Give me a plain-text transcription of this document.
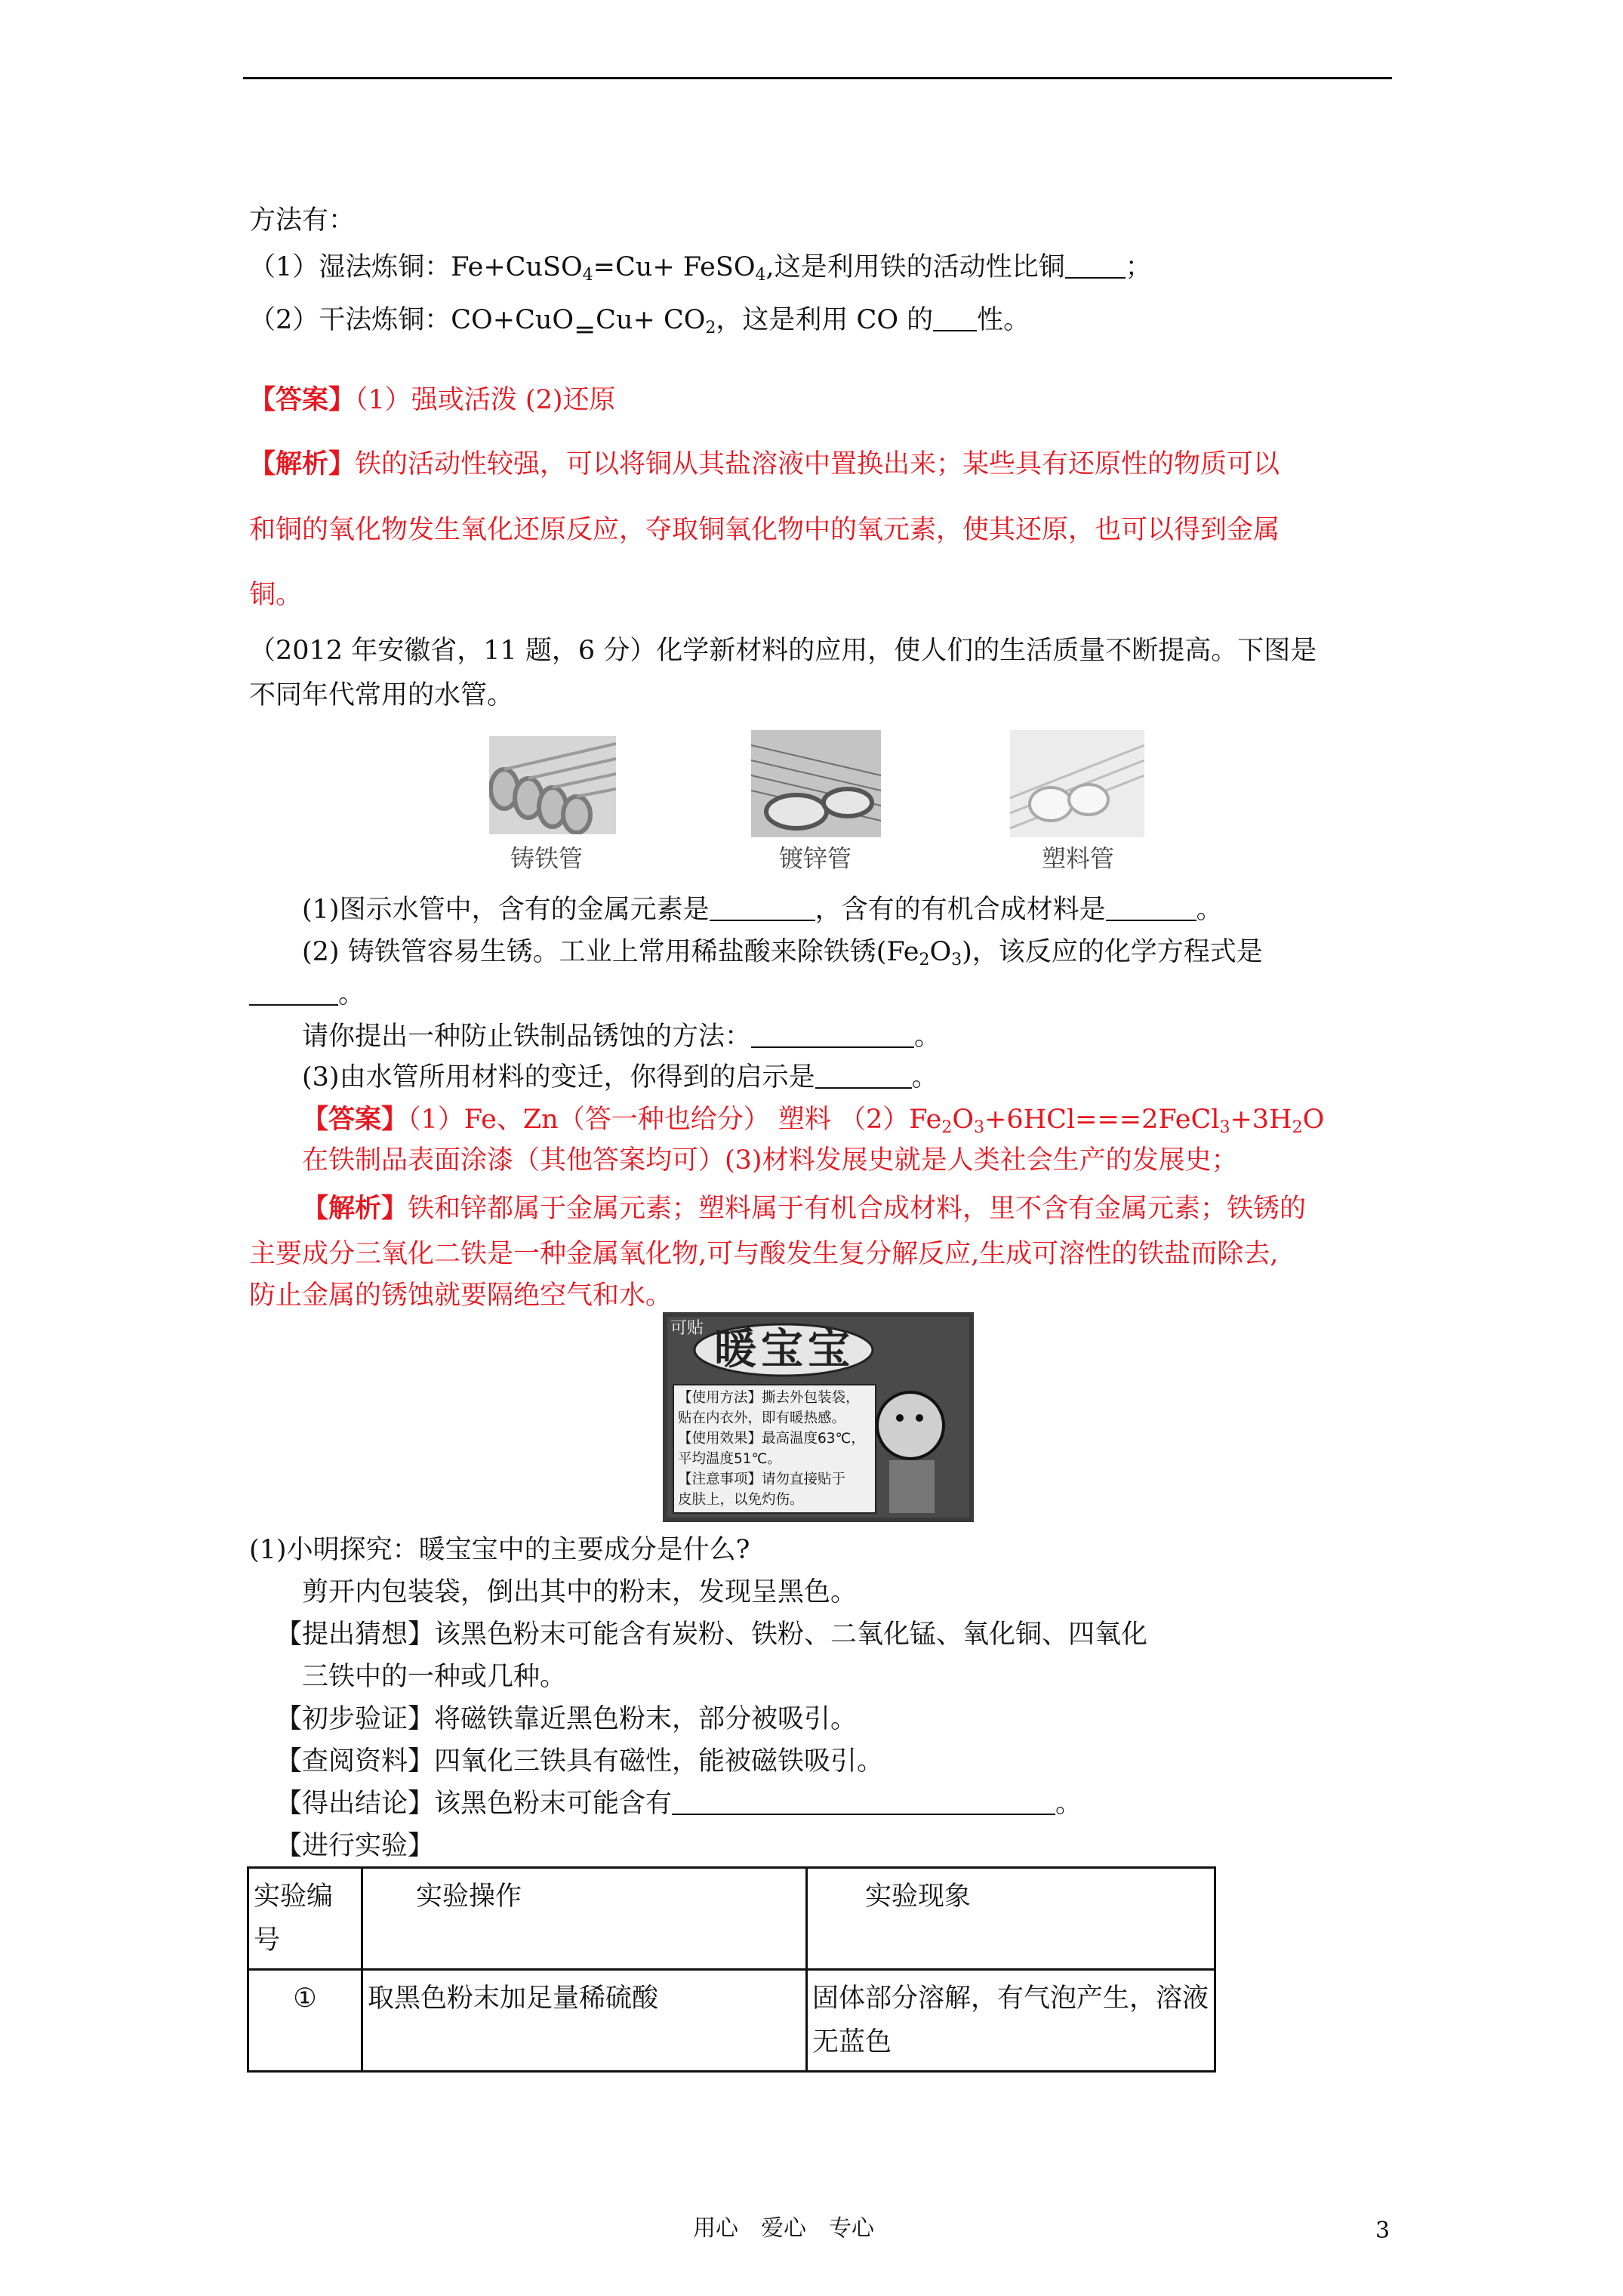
方法有：
（1）湿法炼铜：Fe+CuSO$_4$=Cu+ FeSO$_4$,这是利用铁的活动性比铜 ；
（2）干法炼铜：CO+CuO ═ $Cu+ CO_2$，这是利用 CO 的 性。
【答案】（1）强或活泼 (2)还原
【解析】铁的活动性较强，可以将铜从其盐溶液中置换出来；某些具有还原性的物质可以
和铜的氧化物发生氧化还原反应，夺取铜氧化物中的氧元素，使其还原，也可以得到金属
铜。
（2012 年安徽省，11 题，6 分）化学新材料的应用，使人们的生活质量不断提高。下图是
不同年代常用的水管。
铸铁管	镀锌管	塑料管
(1)图示水管中，含有的金属元素是	，含有的有机合成材料是	。
(2) 铸铁管容易生锈。工业上常用稀盐酸来除铁锈$(Fe_2O_3)$，该反应的化学方程式是
。
请你提出一种防止铁制品锈蚀的方法：	。
(3)由水管所用材料的变迁，你得到的启示是	。
【答案】（1）Fe、Zn（答一种也给分） 塑料 $(2)Fe_2O_3+6HCl===2FeCl_3+3H_2O$
在铁制品表面涂漆（其他答案均可）(3)材料发展史就是人类社会生产的发展史；
【解析】铁和锌都属于金属元素；塑料属于有机合成材料，里不含有金属元素；铁锈的
主要成分三氧化二铁是一种金属氧化物,可与酸发生复分解反应,生成可溶性的铁盐而除去,
防止金属的锈蚀就要隔绝空气和水。
可贴 暖宝宝
【使用方法】撕去外包装袋，
贴在内衣外，即有暖热感。
【使用效果】最高温度63℃，
平均温度51℃。
【注意事项】请勿直接贴于
皮肤上，以免灼伤。
(1)小明探究：暖宝宝中的主要成分是什么?
剪开内包装袋，倒出其中的粉末，发现呈黑色。
【提出猜想】该黑色粉末可能含有炭粉、铁粉、二氧化锰、氧化铜、四氧化
三铁中的一种或几种。
【初步验证】将磁铁靠近黑色粉末，部分被吸引。
【查阅资料】四氧化三铁具有磁性，能被磁铁吸引。
【得出结论】该黑色粉末可能含有	。
【进行实验】
实验编号	实验操作	实验现象
①	取黑色粉末加足量稀硫酸	固体部分溶解，有气泡产生，溶液无蓝色
用心　爱心　专心	3
